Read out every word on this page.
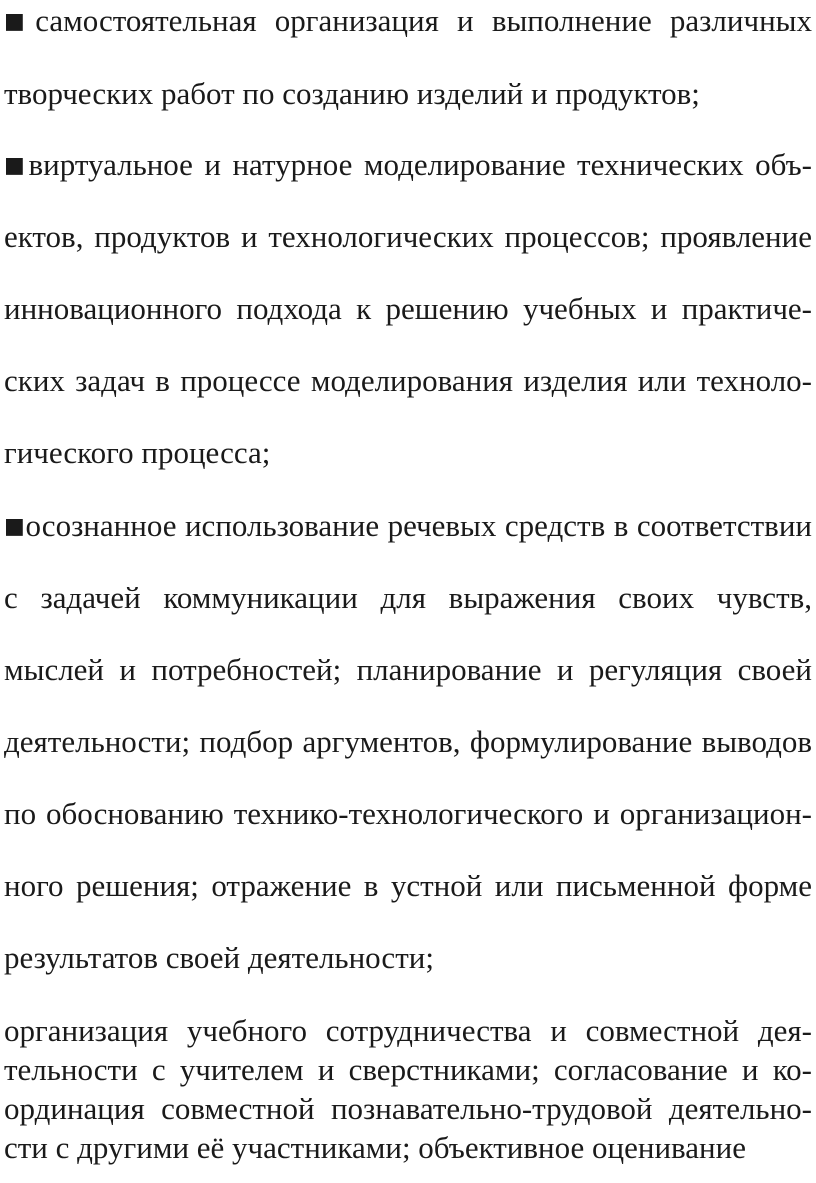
■самостоятельная организация и выполнение различных
творческих работ по созданию изделий и продуктов;
■виртуальное и натурное моделирование технических объ-
ектов, продуктов и технологических процессов; проявление
инновационного подхода к решению учебных и практиче-
ских задач в процессе моделирования изделия или техноло-
гического процесса;
■осознанное использование речевых средств в соответствии
с задачей коммуникации для выражения своих чувств,
мыслей и потребностей; планирование и регуляция своей
деятельности; подбор аргументов, формулирование выводов
по обоснованию технико-технологического и организацион-
ного решения; отражение в устной или письменной форме
результатов своей деятельности;
организация учебного сотрудничества и совместной дея-
тельности с учителем и сверстниками; согласование и ко-
ординация совместной познавательно-трудовой деятельно-
сти с другими её участниками; объективное оценивание
